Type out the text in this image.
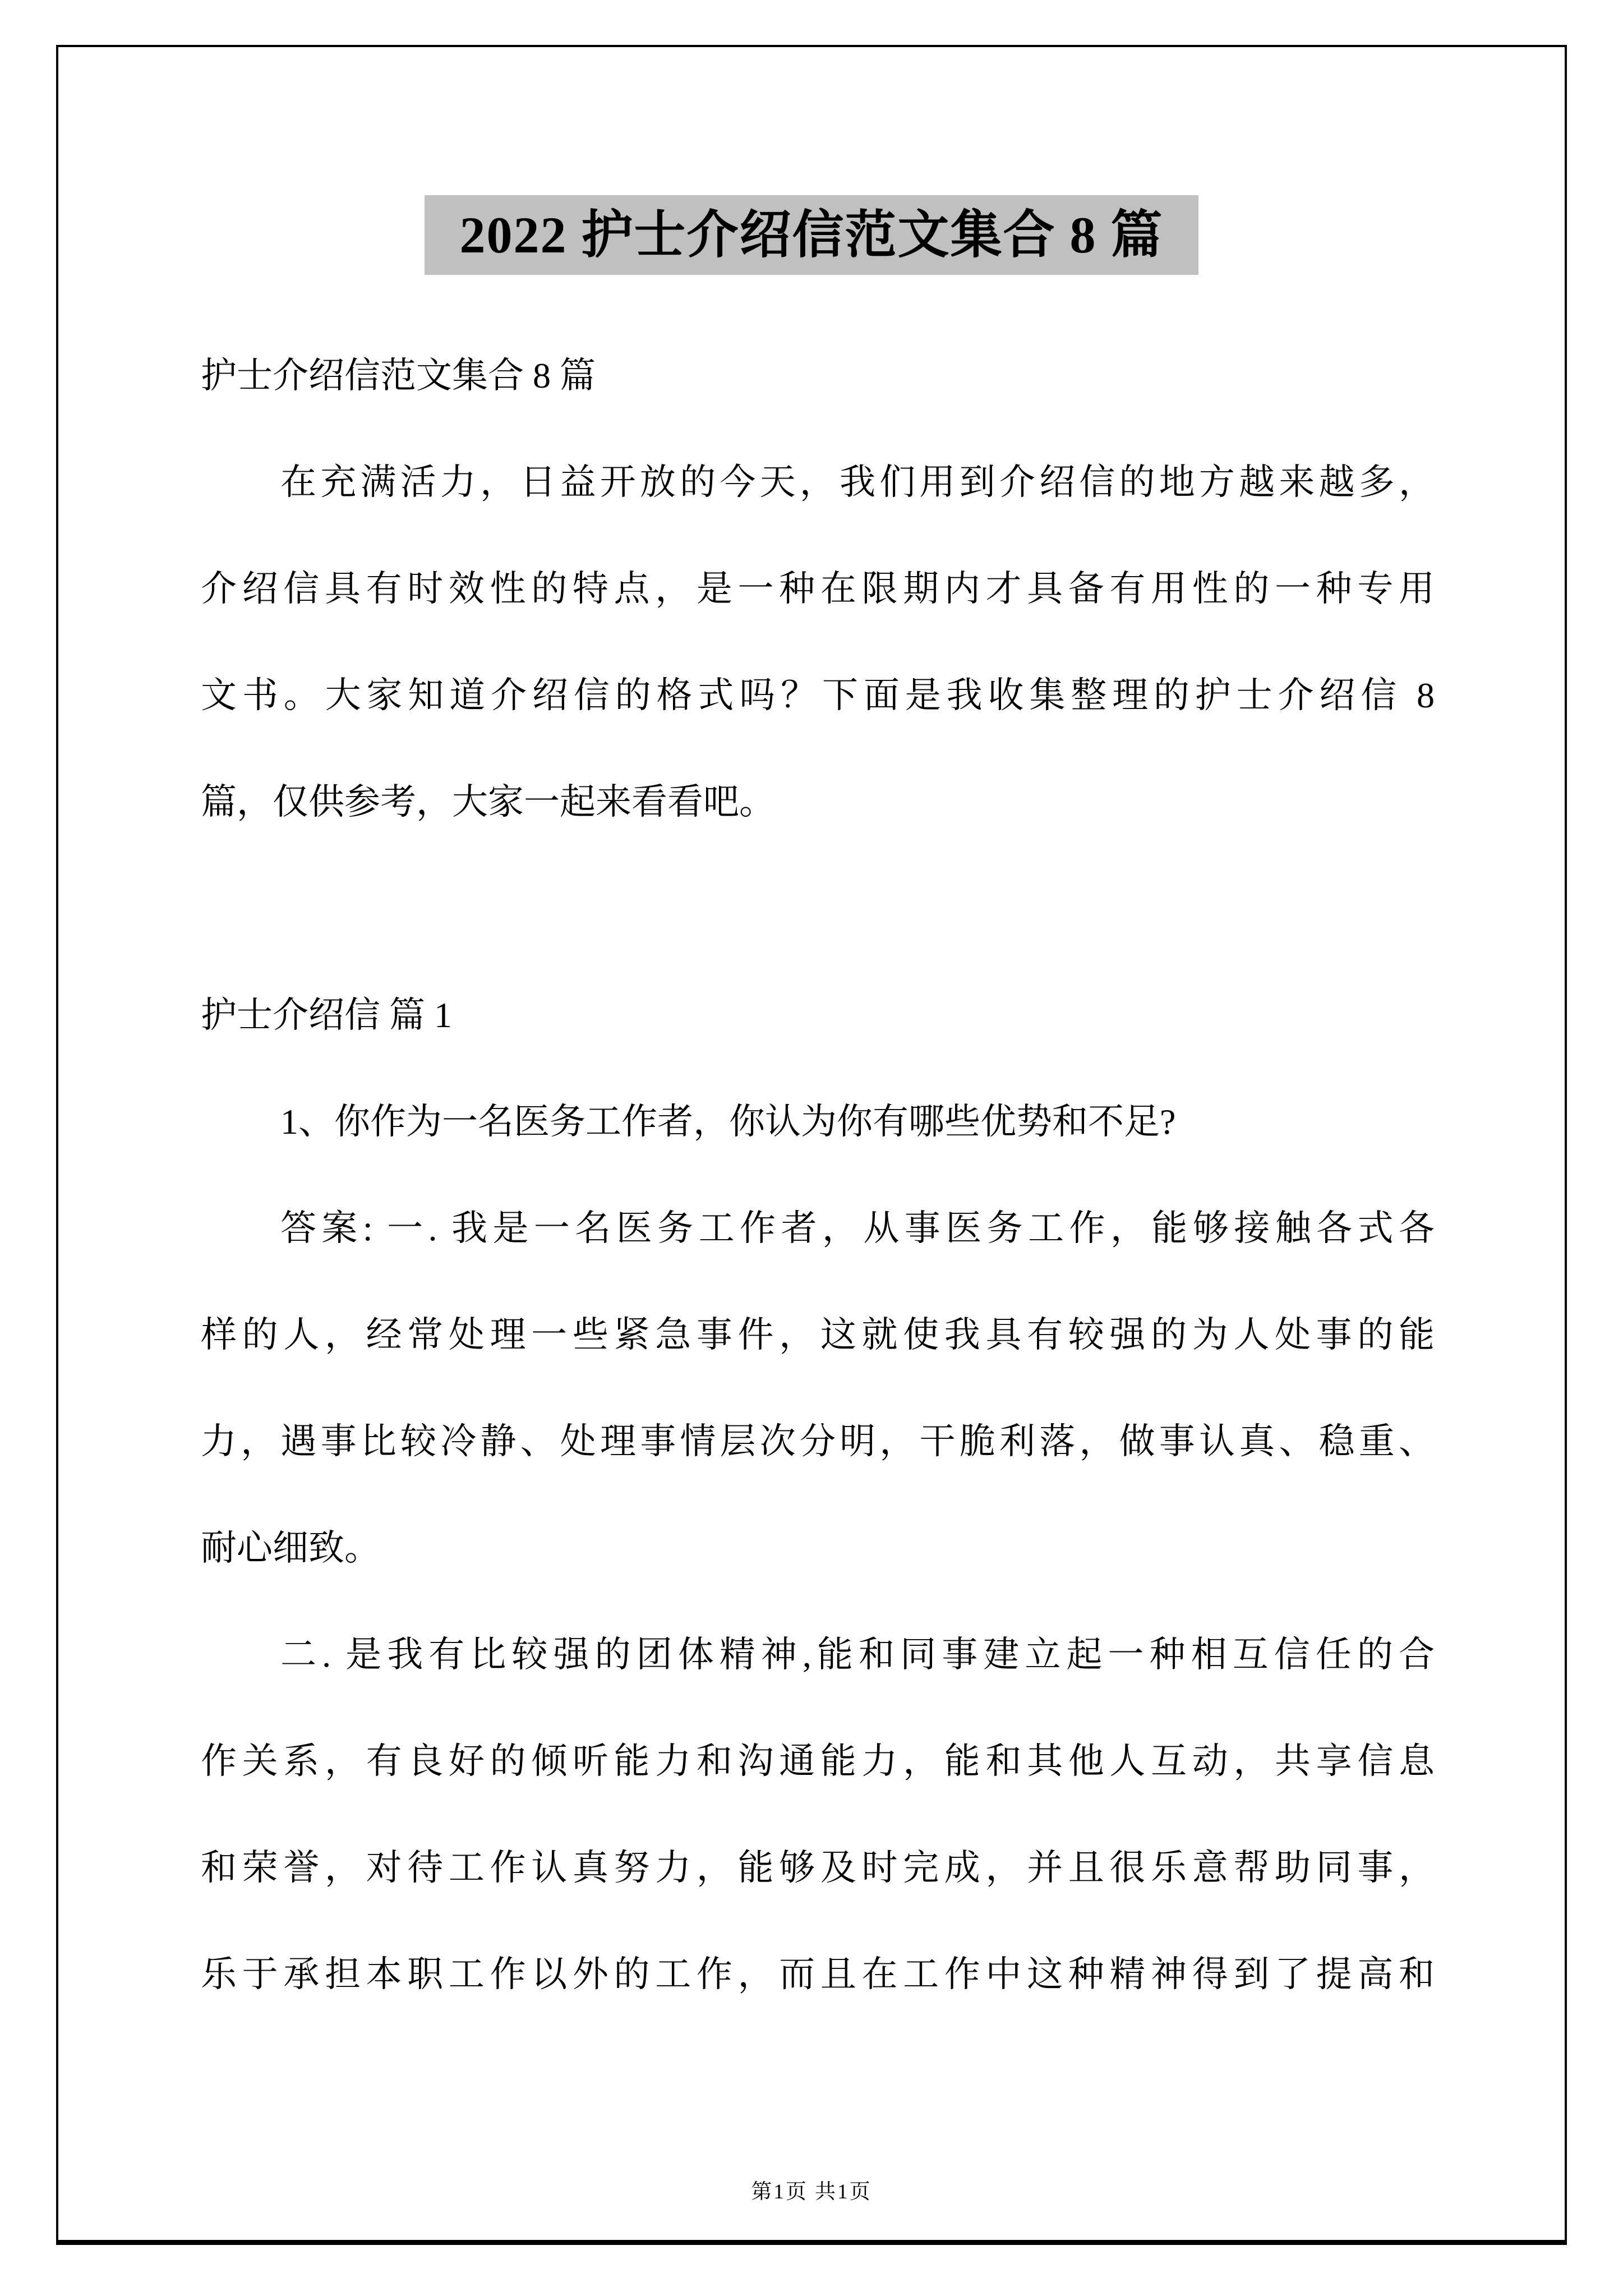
2022 护士介绍信范文集合 8 篇
护士介绍信范文集合 8 篇
在充满活力，日益开放的今天，我们用到介绍信的地方越来越多，
介绍信具有时效性的特点，是一种在限期内才具备有用性的一种专用
文书。大家知道介绍信的格式吗？下面是我收集整理的护士介绍信 8
篇，仅供参考，大家一起来看看吧。
护士介绍信 篇 1
1、你作为一名医务工作者，你认为你有哪些优势和不足?
答案: 一. 我是一名医务工作者，从事医务工作，能够接触各式各
样的人，经常处理一些紧急事件，这就使我具有较强的为人处事的能
力，遇事比较冷静、处理事情层次分明，干脆利落，做事认真、稳重、
耐心细致。
二. 是我有比较强的团体精神,能和同事建立起一种相互信任的合
作关系，有良好的倾听能力和沟通能力，能和其他人互动，共享信息
和荣誉，对待工作认真努力，能够及时完成，并且很乐意帮助同事，
乐于承担本职工作以外的工作，而且在工作中这种精神得到了提高和
第1页 共1页
